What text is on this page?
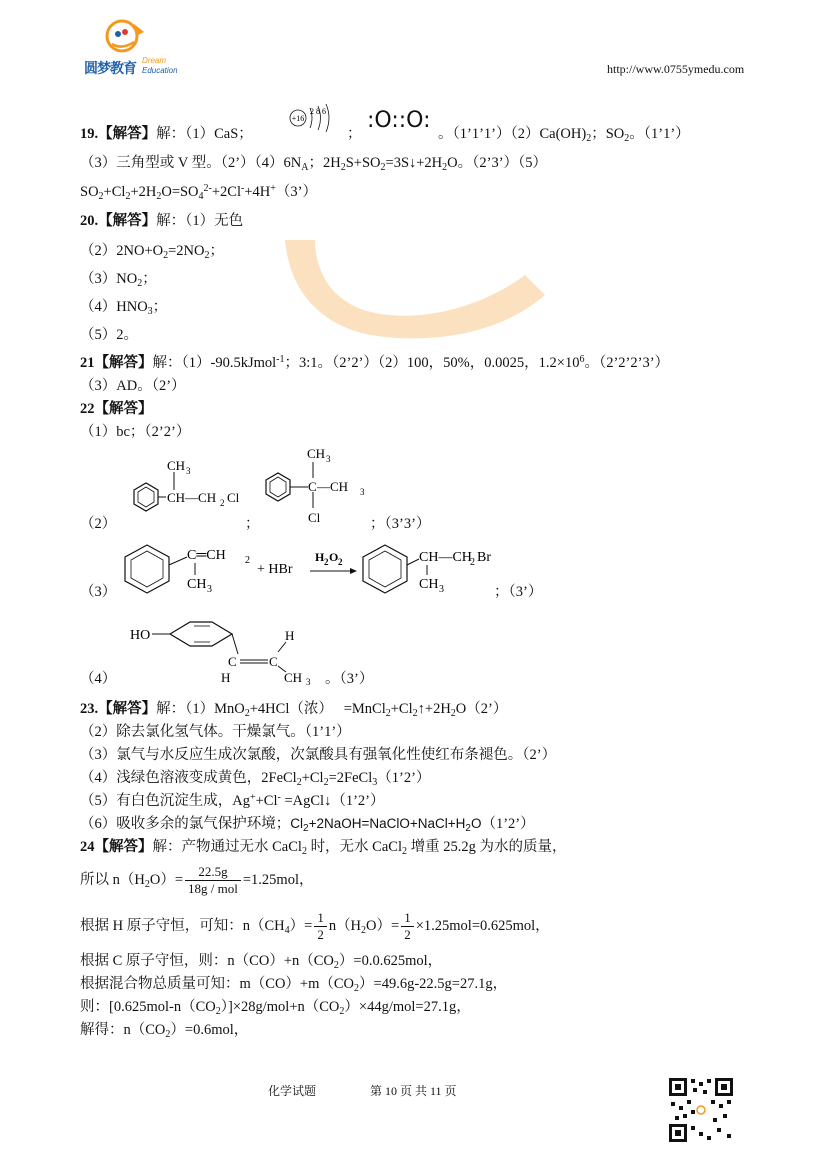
圆梦教育
Dream
Education	http://www.0755ymedu.com
19.【解答】解：（1）CaS；
+16
2 8 6
；
:O::O:
。$(1’1’1’)(2)Ca(OH)_2$；$SO_2$。（1’1’）
（3）三角型或 V 型。$(2’)(4)6N_A$；$2H_2S+SO_2=3S↓+2H_2O$。（2’3’）（5）
$SO_2+Cl_2+2H_2O=SO_4^{2-}+2Cl^-+4H^+(3’)$
20.【解答】解：（1）无色
$(2)2NO+O_2=2NO_2$；
$(3)NO_2$；
$(4)HNO_3$；
（5）2。
21【解答】解：（1）-90.5kJmol$^{-1}$；3:1。（2’2’）（2）100，50%，0.0025，$1.2\times 10^6$。（2’2’2’3’）
（3）AD。（2’）
22【解答】
（1）bc；（2’2’）
（2）
CH—CH 2 Cl
CH 3
；
C
CH 3
—CH 3
Cl	；（3’3’）
（3）
C═CH 2
CH 3
+ HBr
H 2 O 2	CH—CH
2 Br
CH 3	；（3’）
（4）
HO
C
H
C
H
CH 3 。（3’）
23.【解答】解：（1）MnO$_2$+4HCl（浓）　 $=MnCl_2+Cl_2↑+2H_2O(2’)$
（2）除去氯化氢气体。干燥氯气。（1’1’）
（3）氯气与水反应生成次氯酸，次氯酸具有强氧化性使红布条褪色。（2’）
（4）浅绿色溶液变成黄色，$2FeCl_2+Cl_2=2FeCl_3(1’2’)$
（5）有白色沉淀生成，Ag++Cl- =AgCl↓（1’2’）
（6）吸收多余的氯气保护环境；$Cl_2+2NaOH=NaClO+NaCl+H_2O(1’2’)$
24【解答】解：产物通过无水 CaCl$_2$ 时，无水 CaCl$_2$ 增重 25.2g 为水的质量，
所以 $n(H_2O)= \frac{22.5g}{\text{18g / mol}} =1.25mol$，
根据 H 原子守恒，可知：$n(CH_4)= \frac{1}{2} n(H_2O)= \frac{1}{2} \times 1.25mol=0.625mol$，
根据 C 原子守恒，则：$n(CO)+n(CO_2)=0.0.625mol$，
根据混合物总质量可知：$m(CO)+m(CO_2)=49.6g-22.5g=27.1g$，
则：$[0.625mol-n(CO_2)]\times 28g/mol+n(CO_2)\times 44g/mol=27.1g$，
解得：$n(CO_2)=0.6mol$，
化学试题	第 10 页 共 11 页
